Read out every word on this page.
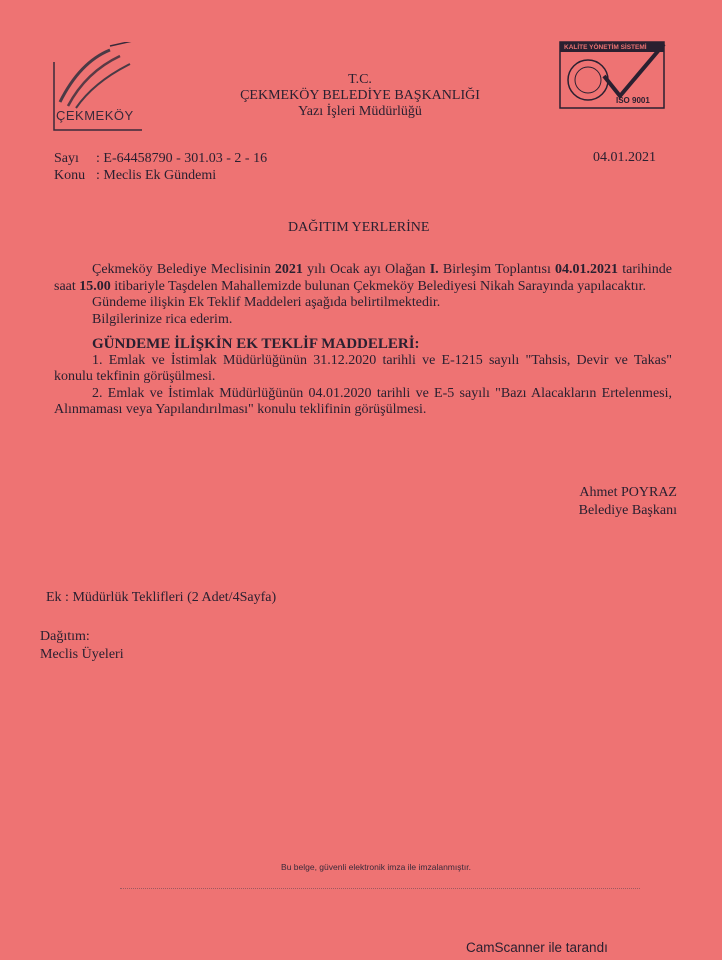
ÇEKMEKÖY
T.C.
ÇEKMEKÖY BELEDİYE BAŞKANLIĞI
Yazı İşleri Müdürlüğü
KALİTE YÖNETİM SİSTEMİ
ISO 9001
Sayı : E-64458790 - 301.03 - 2 - 16
Konu : Meclis Ek Gündemi
04.01.2021
DAĞITIM YERLERİNE

Çekmeköy Belediye Meclisinin 2021 yılı Ocak ayı Olağan I. Birleşim Toplantısı 04.01.2021 tarihinde saat 15.00 itibariyle Taşdelen Mahallemizde bulunan Çekmeköy Belediyesi Nikah Sarayında yapılacaktır.

Gündeme ilişkin Ek Teklif Maddeleri aşağıda belirtilmektedir.

Bilgilerinize rica ederim.

GÜNDEME İLİŞKİN EK TEKLİF MADDELERİ:

1. Emlak ve İstimlak Müdürlüğünün 31.12.2020 tarihli ve E-1215 sayılı "Tahsis, Devir ve Takas" konulu tekfinin görüşülmesi.

2. Emlak ve İstimlak Müdürlüğünün 04.01.2020 tarihli ve E-5 sayılı "Bazı Alacakların Ertelenmesi, Alınmaması veya Yapılandırılması" konulu teklifinin görüşülmesi.

Ahmet POYRAZ
Belediye Başkanı
Ek : Müdürlük Teklifleri (2 Adet/4Sayfa)
Dağıtım:
Meclis Üyeleri
Bu belge, güvenli elektronik imza ile imzalanmıştır.
CamScanner ile tarandı
